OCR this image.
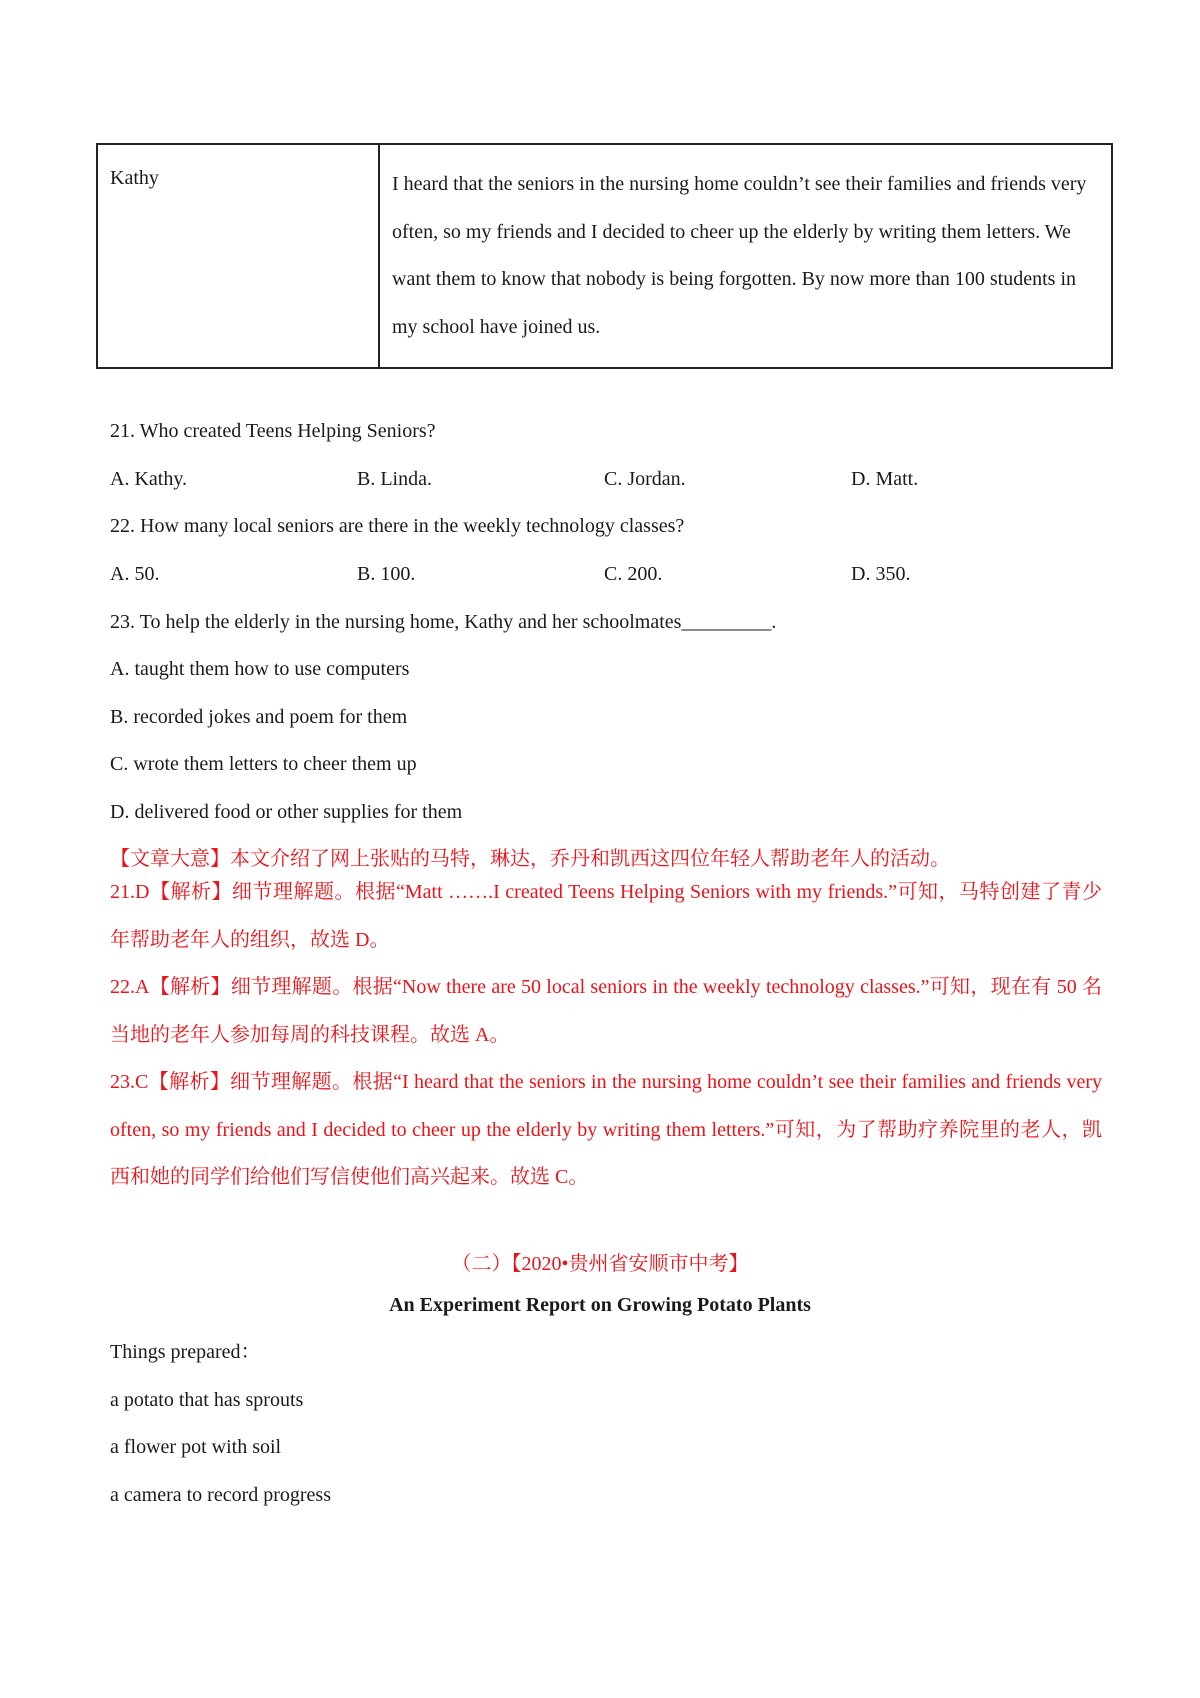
Kathy	I heard that the seniors in the nursing home couldn’t see their families and friends very often, so my friends and I decided to cheer up the elderly by writing them letters. We want them to know that nobody is being forgotten. By now more than 100 students in my school have joined us.
21. Who created Teens Helping Seniors?
A. Kathy.	B. Linda.	C. Jordan.	D. Matt.
22. How many local seniors are there in the weekly technology classes?
A. 50.	B. 100.	C. 200.	D. 350.
23. To help the elderly in the nursing home, Kathy and her schoolmates_________.
A. taught them how to use computers
B. recorded jokes and poem for them
C. wrote them letters to cheer them up
D. delivered food or other supplies for them
【文章大意】本文介绍了网上张贴的马特，琳达，乔丹和凯西这四位年轻人帮助老年人的活动。
21.D【解析】细节理解题。根据“Matt …….I created Teens Helping Seniors with my friends.”可知，马特创建了青少年帮助老年人的组织，故选 D。
22.A【解析】细节理解题。根据“Now there are 50 local seniors in the weekly technology classes.”可知，现在有 50 名当地的老年人参加每周的科技课程。故选 A。
23.C【解析】细节理解题。根据“I heard that the seniors in the nursing home couldn’t see their families and friends very often, so my friends and I decided to cheer up the elderly by writing them letters.”可知，为了帮助疗养院里的老人，凯西和她的同学们给他们写信使他们高兴起来。故选 C。
（二）【2020•贵州省安顺市中考】
An Experiment Report on Growing Potato Plants
Things prepared：
a potato that has sprouts
a flower pot with soil
a camera to record progress
